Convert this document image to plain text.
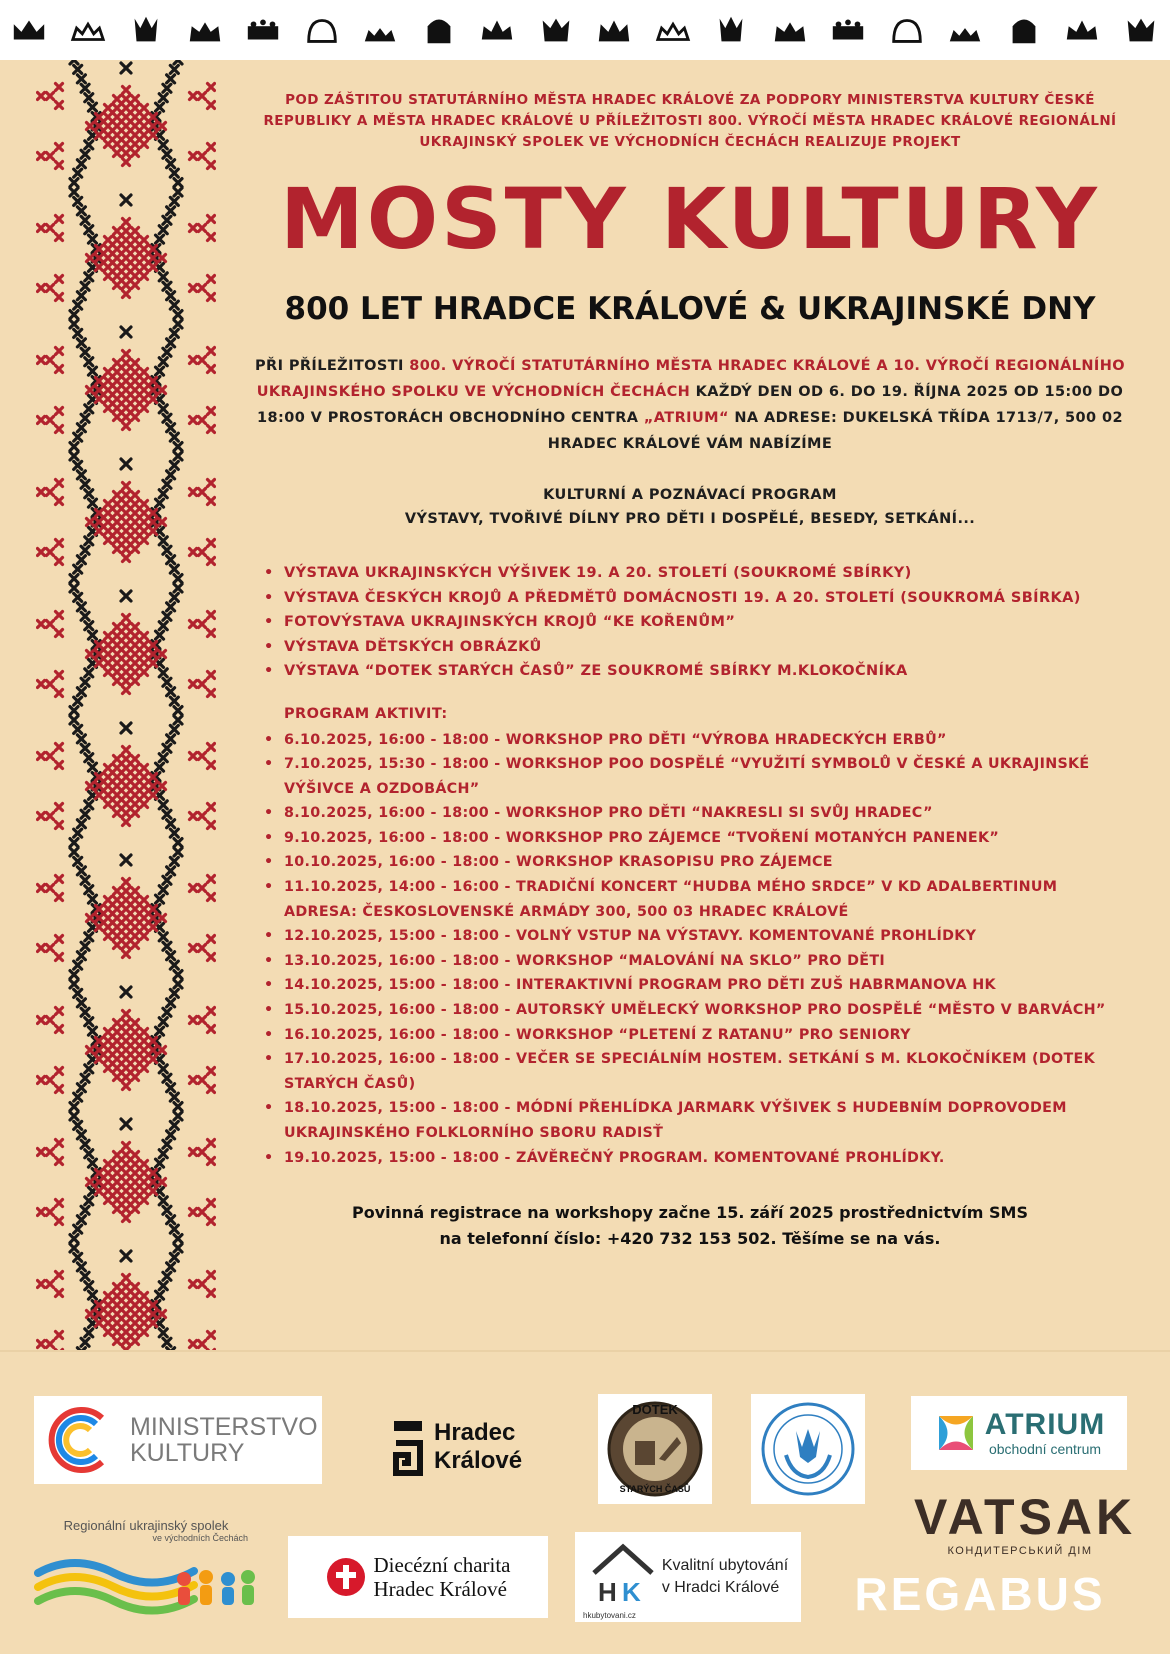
POD ZÁŠTITOU STATUTÁRNÍHO MĚSTA HRADEC KRÁLOVÉ ZA PODPORY MINISTERSTVA KULTURY ČESKÉ REPUBLIKY A MĚSTA HRADEC KRÁLOVÉ U PŘÍLEŽITOSTI 800. VÝROČÍ MĚSTA HRADEC KRÁLOVÉ REGIONÁLNÍ UKRAJINSKÝ SPOLEK VE VÝCHODNÍCH ČECHÁCH REALIZUJE PROJEKT

MOSTY KULTURY
800 LET HRADCE KRÁLOVÉ & UKRAJINSKÉ DNY

PŘI PŘÍLEŽITOSTI 800. VÝROČÍ STATUTÁRNÍHO MĚSTA HRADEC KRÁLOVÉ A 10. VÝROČÍ REGIONÁLNÍHO UKRAJINSKÉHO SPOLKU VE VÝCHODNÍCH ČECHÁCH KAŽDÝ DEN OD 6. DO 19. ŘÍJNA 2025 OD 15:00 DO 18:00 V PROSTORÁCH OBCHODNÍHO CENTRA „ATRIUM“ NA ADRESE: DUKELSKÁ TŘÍDA 1713/7, 500 02 HRADEC KRÁLOVÉ VÁM NABÍZÍME

KULTURNÍ A POZNÁVACÍ PROGRAM
VÝSTAVY, TVOŘIVÉ DÍLNY PRO DĚTI I DOSPĚLÉ, BESEDY, SETKÁNÍ...
• VÝSTAVA UKRAJINSKÝCH VÝŠIVEK 19. A 20. STOLETÍ (SOUKROMÉ SBÍRKY)
• VÝSTAVA ČESKÝCH KROJŮ A PŘEDMĚTŮ DOMÁCNOSTI 19. A 20. STOLETÍ (SOUKROMÁ SBÍRKA)
• FOTOVÝSTAVA UKRAJINSKÝCH KROJŮ “KE KOŘENŮM”
• VÝSTAVA DĚTSKÝCH OBRÁZKŮ
• VÝSTAVA “DOTEK STARÝCH ČASŮ” ZE SOUKROMÉ SBÍRKY M.KLOKOČNÍKA
PROGRAM AKTIVIT:
• 6.10.2025, 16:00 - 18:00 - WORKSHOP PRO DĚTI “VÝROBA HRADECKÝCH ERBŮ”
• 7.10.2025, 15:30 - 18:00 - WORKSHOP POO DOSPĚLÉ “VYUŽITÍ SYMBOLŮ V ČESKÉ A UKRAJINSKÉ VÝŠIVCE A OZDOBÁCH”
• 8.10.2025, 16:00 - 18:00 - WORKSHOP PRO DĚTI “NAKRESLI SI SVŮJ HRADEC”
• 9.10.2025, 16:00 - 18:00 - WORKSHOP PRO ZÁJEMCE “TVOŘENÍ MOTANÝCH PANENEK”
• 10.10.2025, 16:00 - 18:00 - WORKSHOP KRASOPISU PRO ZÁJEMCE
• 11.10.2025, 14:00 - 16:00 - TRADIČNÍ KONCERT “HUDBA MÉHO SRDCE” V KD ADALBERTINUM ADRESA: ČESKOSLOVENSKÉ ARMÁDY 300, 500 03 HRADEC KRÁLOVÉ
• 12.10.2025, 15:00 - 18:00 - VOLNÝ VSTUP NA VÝSTAVY. KOMENTOVANÉ PROHLÍDKY
• 13.10.2025, 16:00 - 18:00 - WORKSHOP “MALOVÁNÍ NA SKLO” PRO DĚTI
• 14.10.2025, 15:00 - 18:00 - INTERAKTIVNÍ PROGRAM PRO DĚTI ZUŠ HABRMANOVA HK
• 15.10.2025, 16:00 - 18:00 - AUTORSKÝ UMĚLECKÝ WORKSHOP PRO DOSPĚLÉ “MĚSTO V BARVÁCH”
• 16.10.2025, 16:00 - 18:00 - WORKSHOP “PLETENÍ Z RATANU” PRO SENIORY
• 17.10.2025, 16:00 - 18:00 - VEČER SE SPECIÁLNÍM HOSTEM. SETKÁNÍ S M. KLOKOČNÍKEM (DOTEK STARÝCH ČASŮ)
• 18.10.2025, 15:00 - 18:00 - MÓDNÍ PŘEHLÍDKA JARMARK VÝŠIVEK S HUDEBNÍM DOPROVODEM UKRAJINSKÉHO FOLKLORNÍHO SBORU RADISŤ
• 19.10.2025, 15:00 - 18:00 - ZÁVĚREČNÝ PROGRAM. KOMENTOVANÉ PROHLÍDKY.
Povinná registrace na workshopy začne 15. září 2025 prostřednictvím SMS
na telefonní číslo: +420 732 153 502. Těšíme se na vás.
MINISTERSTVO
KULTURY
Hradec
Králové
DOTEK
STARÝCH ČASŮ
ATRIUM
obchodní centrum
VATSAK
КОНДИТЕРСЬКИЙ ДІМ
REGABUS
Regionální ukrajinský spolek
ve východních Čechách
Diecézní charita
Hradec Králové	H K
hkubytovani.cz
Kvalitní ubytování
v Hradci Králové
